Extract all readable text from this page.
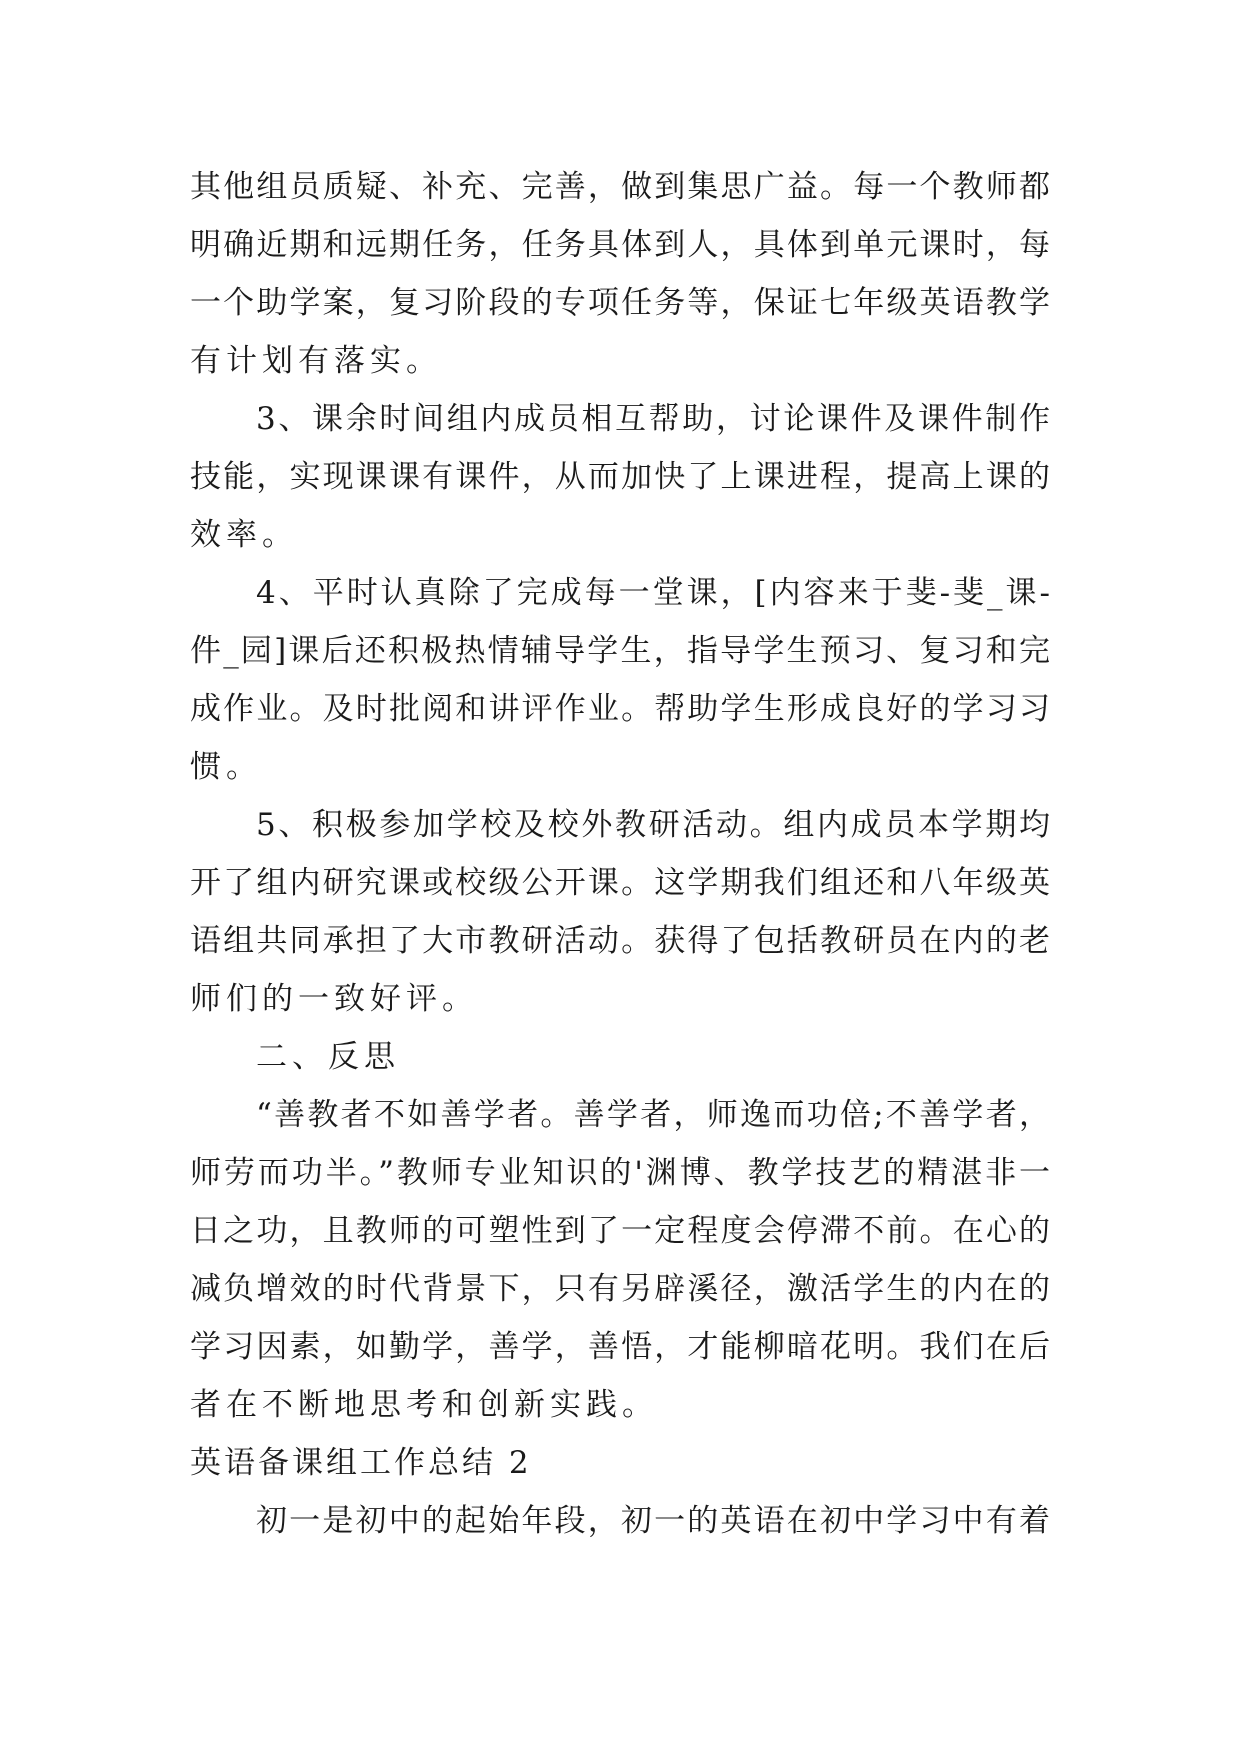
其他组员质疑、补充、完善，做到集思广益。每一个教师都
明确近期和远期任务，任务具体到人，具体到单元课时，每
一个助学案，复习阶段的专项任务等，保证七年级英语教学
有计划有落实。
3、课余时间组内成员相互帮助，讨论课件及课件制作
技能，实现课课有课件，从而加快了上课进程，提高上课的
效率。
4、平时认真除了完成每一堂课，[内容来于斐-斐_课-
件_园]课后还积极热情辅导学生，指导学生预习、复习和完
成作业。及时批阅和讲评作业。帮助学生形成良好的学习习
惯。
5、积极参加学校及校外教研活动。组内成员本学期均
开了组内研究课或校级公开课。这学期我们组还和八年级英
语组共同承担了大市教研活动。获得了包括教研员在内的老
师们的一致好评。
二、反思
“善教者不如善学者。善学者，师逸而功倍;不善学者，
师劳而功半。”教师专业知识的'渊博、教学技艺的精湛非一
日之功，且教师的可塑性到了一定程度会停滞不前。在心的
减负增效的时代背景下，只有另辟溪径，激活学生的内在的
学习因素，如勤学，善学，善悟，才能柳暗花明。我们在后
者在不断地思考和创新实践。
英语备课组工作总结 2
初一是初中的起始年段，初一的英语在初中学习中有着
